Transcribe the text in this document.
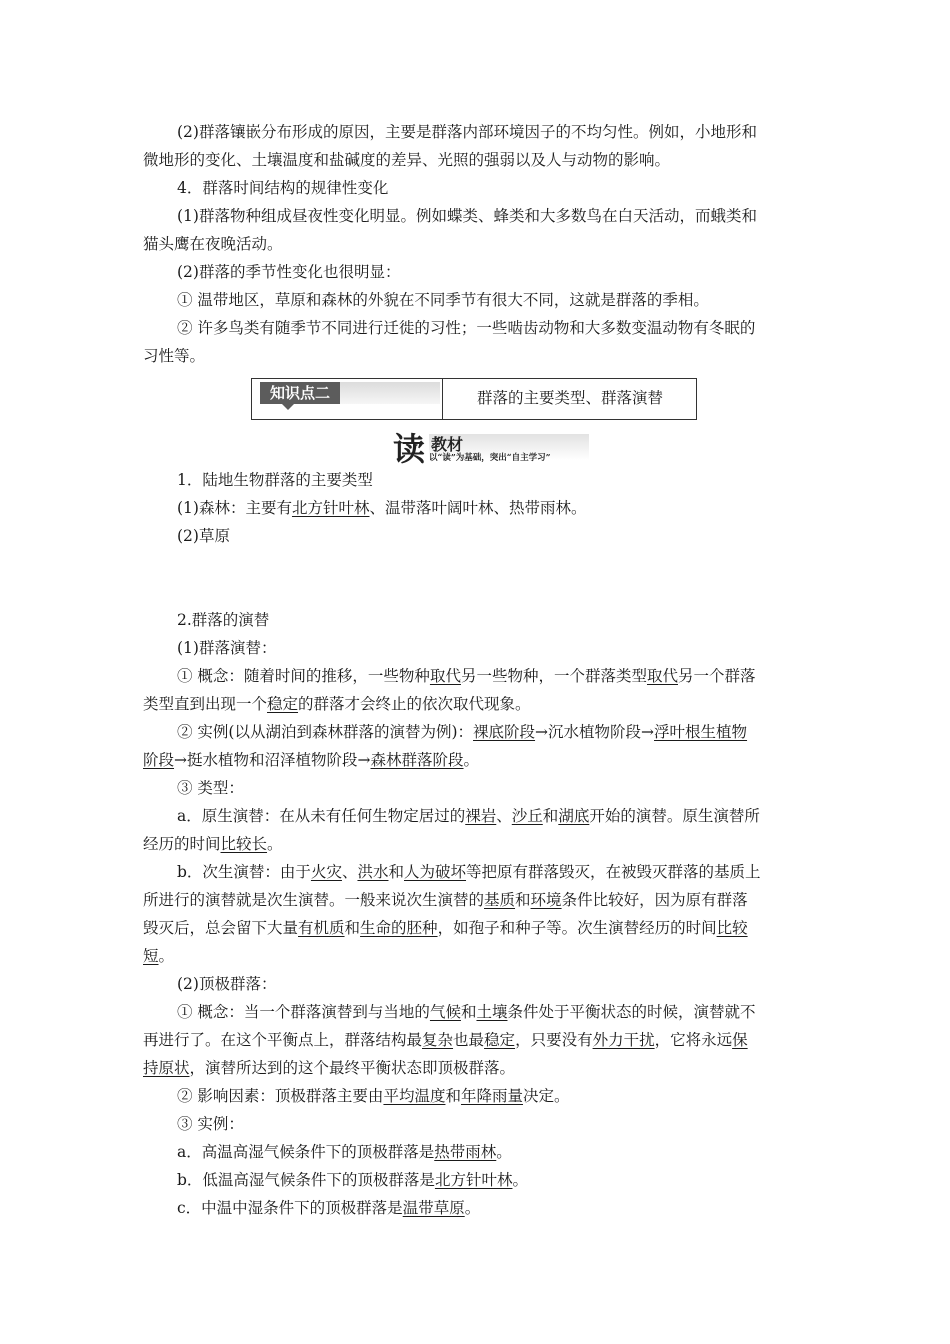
(2)群落镶嵌分布形成的原因，主要是群落内部环境因子的不均匀性。例如，小地形和

微地形的变化、土壤温度和盐碱度的差异、光照的强弱以及人与动物的影响。

4．群落时间结构的规律性变化

(1)群落物种组成昼夜性变化明显。例如蝶类、蜂类和大多数鸟在白天活动，而蛾类和

猫头鹰在夜晚活动。

(2)群落的季节性变化也很明显：

① 温带地区，草原和森林的外貌在不同季节有很大不同，这就是群落的季相。

② 许多鸟类有随季节不同进行迁徙的习性；一些啮齿动物和大多数变温动物有冬眠的

习性等。

知识点二	群落的主要类型、群落演替
读 教材
以“读”为基础，突出“自主学习”

1．陆地生物群落的主要类型

(1)森林：主要有北方针叶林、温带落叶阔叶林、热带雨林。

(2)草原

2.群落的演替

(1)群落演替：

① 概念：随着时间的推移，一些物种取代另一些物种，一个群落类型取代另一个群落

类型直到出现一个稳定的群落才会终止的依次取代现象。

② 实例(以从湖泊到森林群落的演替为例)：裸底阶段→沉水植物阶段→浮叶根生植物

阶段→挺水植物和沼泽植物阶段→森林群落阶段。

③ 类型：

a．原生演替：在从未有任何生物定居过的裸岩、沙丘和湖底开始的演替。原生演替所

经历的时间比较长。

b．次生演替：由于火灾、洪水和人为破坏等把原有群落毁灭，在被毁灭群落的基质上

所进行的演替就是次生演替。一般来说次生演替的基质和环境条件比较好，因为原有群落

毁灭后，总会留下大量有机质和生命的胚种，如孢子和种子等。次生演替经历的时间比较

短。

(2)顶极群落：

① 概念：当一个群落演替到与当地的气候和土壤条件处于平衡状态的时候，演替就不

再进行了。在这个平衡点上，群落结构最复杂也最稳定，只要没有外力干扰，它将永远保

持原状，演替所达到的这个最终平衡状态即顶极群落。

② 影响因素：顶极群落主要由平均温度和年降雨量决定。

③ 实例：

a．高温高湿气候条件下的顶极群落是热带雨林。

b．低温高湿气候条件下的顶极群落是北方针叶林。

c．中温中湿条件下的顶极群落是温带草原。
